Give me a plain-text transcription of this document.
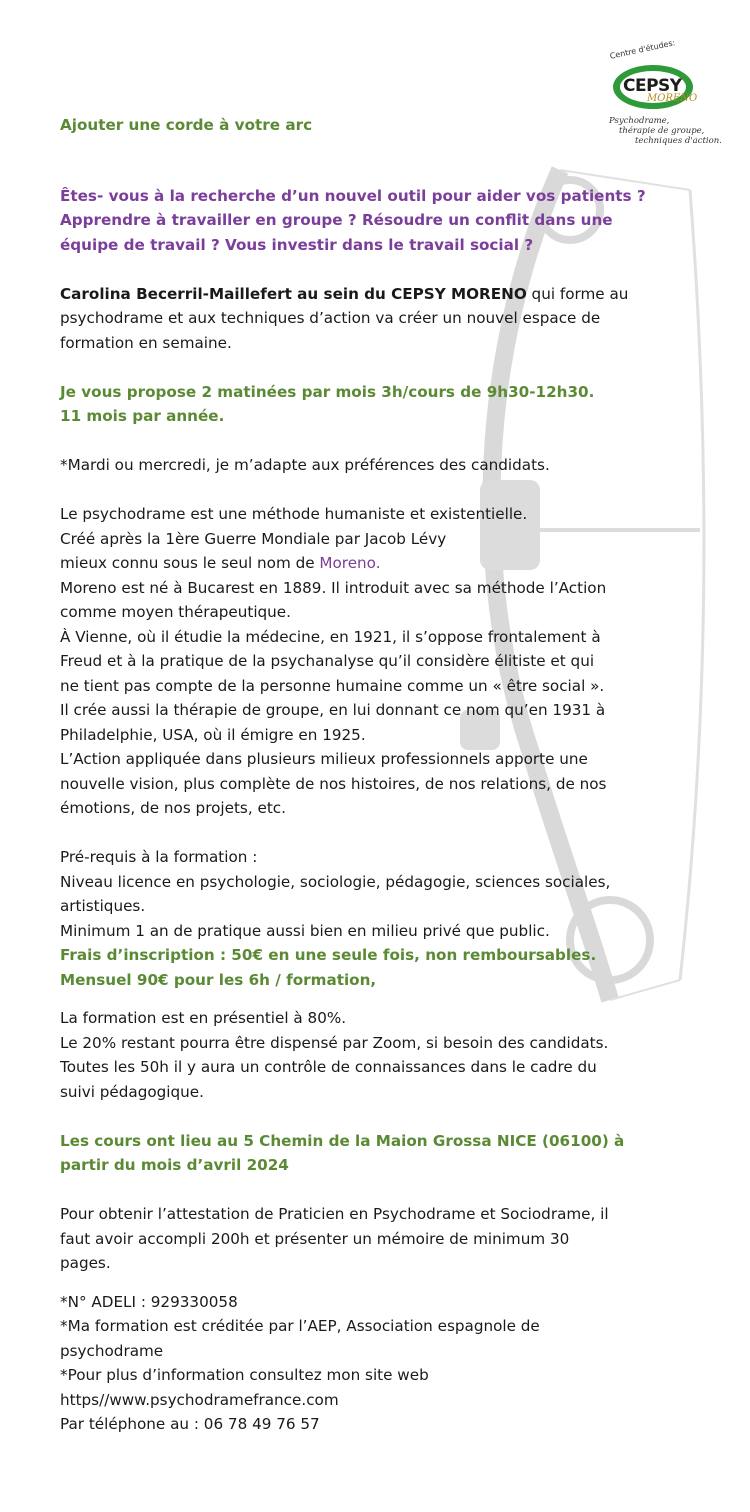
Centre d'études:
CEPSY
MORENO
Psychodrame,
thérapie de groupe,
techniques d'action.

Ajouter une corde à votre arc

Êtes- vous à la recherche d’un nouvel outil pour aider vos patients ?

Apprendre à travailler en groupe ? Résoudre un conflit dans une

équipe de travail ? Vous investir dans le travail social ?

Carolina Becerril-Maillefert au sein du CEPSY MORENO qui forme au

psychodrame et aux techniques d’action va créer un nouvel espace de

formation en semaine.

Je vous propose 2 matinées par mois 3h/cours de 9h30-12h30.

11 mois par année.

*Mardi ou mercredi, je m’adapte aux préférences des candidats.

Le psychodrame est une méthode humaniste et existentielle.

Créé après la 1ère Guerre Mondiale par Jacob Lévy

mieux connu sous le seul nom de Moreno.

Moreno est né à Bucarest en 1889. Il introduit avec sa méthode l’Action

comme moyen thérapeutique.

À Vienne, où il étudie la médecine, en 1921, il s’oppose frontalement à

Freud et à la pratique de la psychanalyse qu’il considère élitiste et qui

ne tient pas compte de la personne humaine comme un « être social ».

Il crée aussi la thérapie de groupe, en lui donnant ce nom qu’en 1931 à

Philadelphie, USA, où il émigre en 1925.

L’Action appliquée dans plusieurs milieux professionnels apporte une

nouvelle vision, plus complète de nos histoires, de nos relations, de nos

émotions, de nos projets, etc.

Pré-requis à la formation :

Niveau licence en psychologie, sociologie, pédagogie, sciences sociales,

artistiques.

Minimum 1 an de pratique aussi bien en milieu privé que public.

Frais d’inscription : 50€ en une seule fois, non remboursables.

Mensuel 90€ pour les 6h / formation,

La formation est en présentiel à 80%.

Le 20% restant pourra être dispensé par Zoom, si besoin des candidats.

Toutes les 50h il y aura un contrôle de connaissances dans le cadre du

suivi pédagogique.

Les cours ont lieu au 5 Chemin de la Maion Grossa NICE (06100) à

partir du mois d’avril 2024

Pour obtenir l’attestation de Praticien en Psychodrame et Sociodrame, il

faut avoir accompli 200h et présenter un mémoire de minimum 30

pages.

*N° ADELI : 929330058

*Ma formation est créditée par l’AEP, Association espagnole de

psychodrame

*Pour plus d’information consultez mon site web

https//www.psychodramefrance.com

Par téléphone au : 06 78 49 76 57
